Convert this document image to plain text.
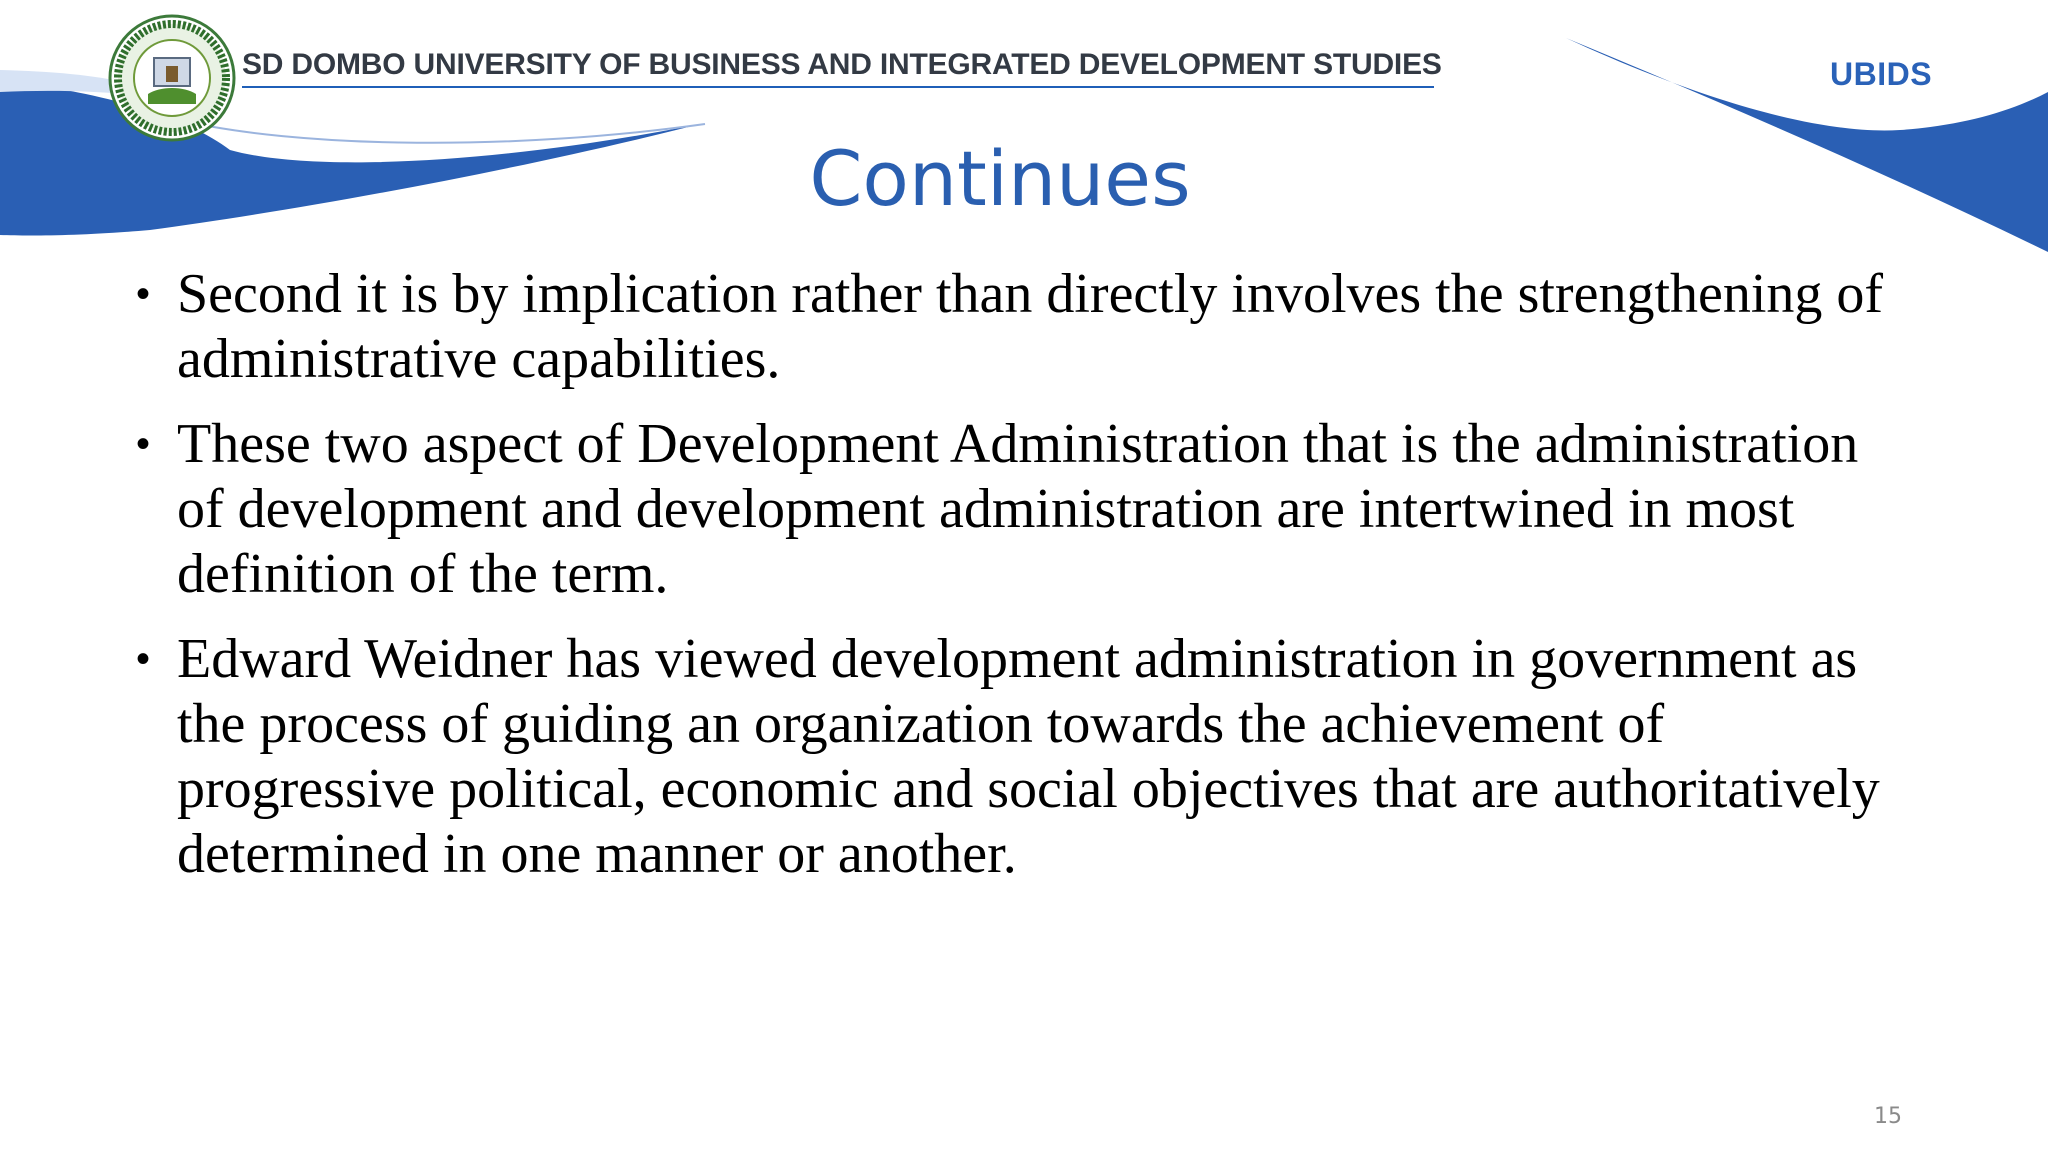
SD DOMBO UNIVERSITY OF BUSINESS AND INTEGRATED DEVELOPMENT STUDIES	UBIDS
Continues
• Second it is by implication rather than directly involves the strengthening of administrative capabilities.
• These two aspect of Development Administration that is the administration of development and development administration are intertwined in most definition of the term.
• Edward Weidner has viewed development administration in government as the process of guiding an organization towards the achievement of progressive political, economic and social objectives that are authoritatively determined in one manner or another.
15
